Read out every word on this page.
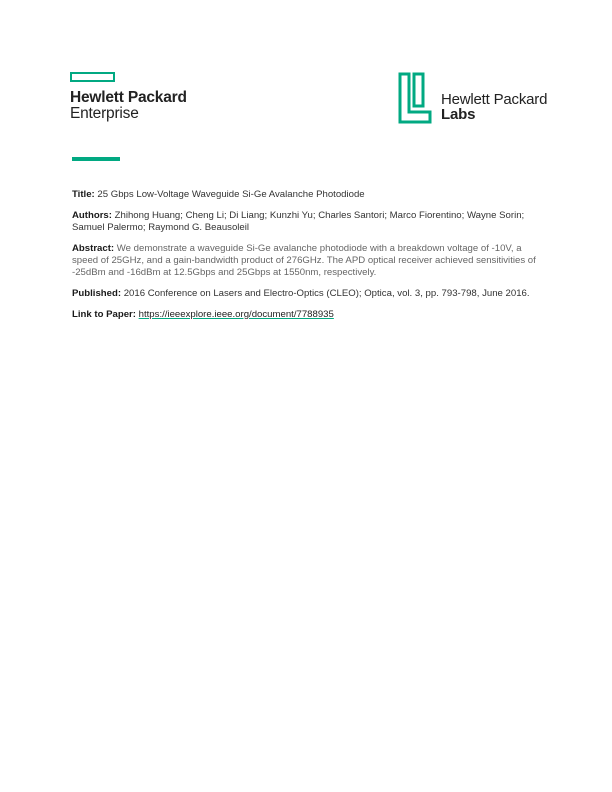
Hewlett Packard
Enterprise
Hewlett Packard
Labs

Title: 25 Gbps Low-Voltage Waveguide Si-Ge Avalanche Photodiode

Authors: Zhihong Huang; Cheng Li; Di Liang; Kunzhi Yu; Charles Santori; Marco Fiorentino; Wayne Sorin; Samuel Palermo; Raymond G. Beausoleil

Abstract: We demonstrate a waveguide Si-Ge avalanche photodiode with a breakdown voltage of -10V, a speed of 25GHz, and a gain-bandwidth product of 276GHz. The APD optical receiver achieved sensitivities of -25dBm and -16dBm at 12.5Gbps and 25Gbps at 1550nm, respectively.

Published: 2016 Conference on Lasers and Electro-Optics (CLEO); Optica, vol. 3, pp. 793-798, June 2016.

Link to Paper: https://ieeexplore.ieee.org/document/7788935
